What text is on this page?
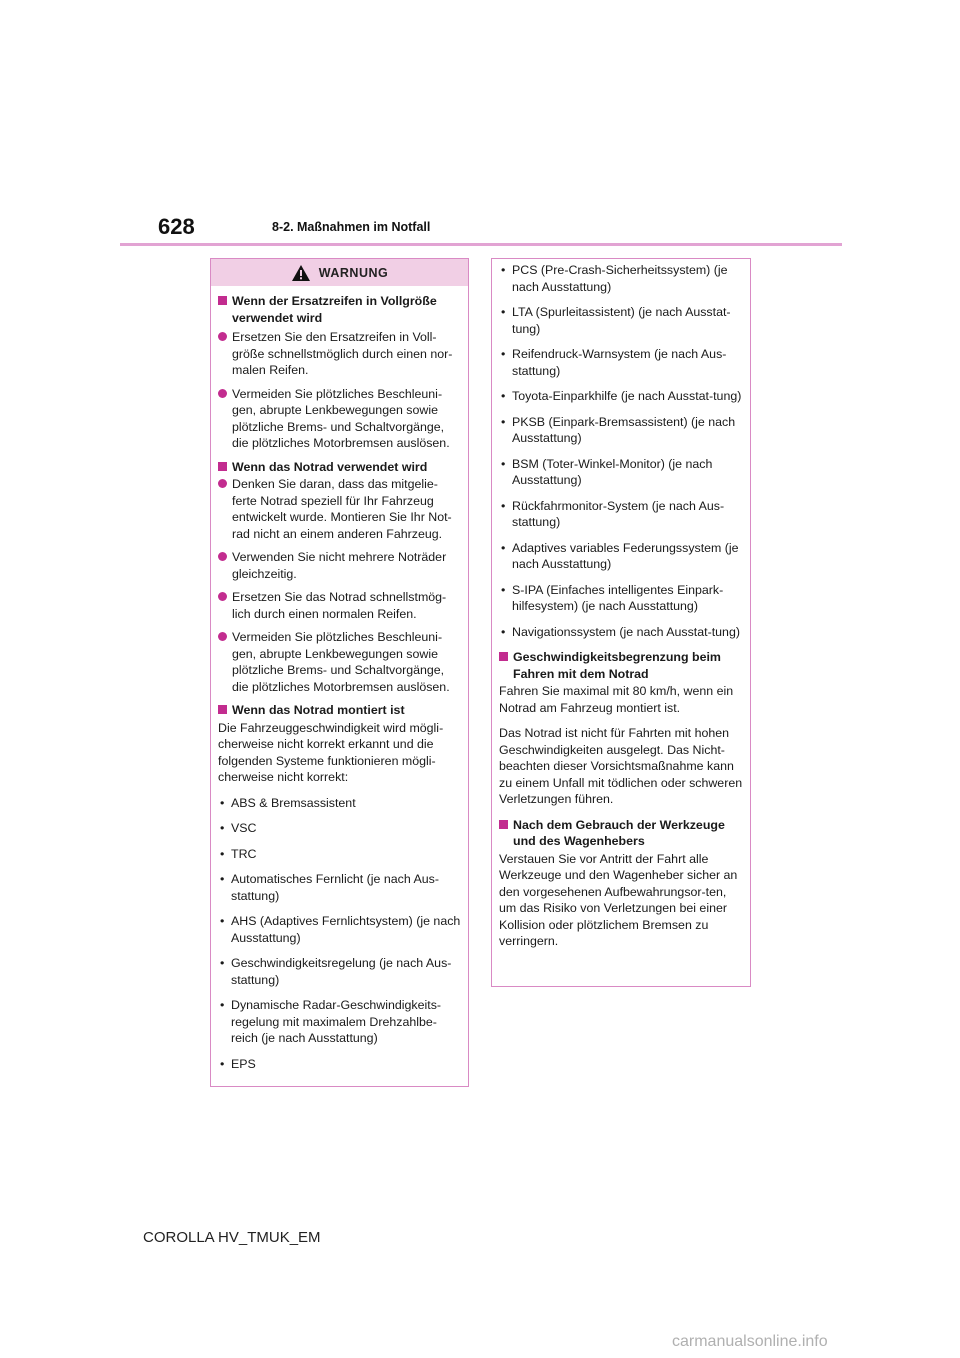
628	8-2. Maßnahmen im Notfall
WARNUNG
Wenn der Ersatzreifen in Vollgröße verwendet wird
Ersetzen Sie den Ersatzreifen in Voll-größe schnellstmöglich durch einen nor-malen Reifen.
Vermeiden Sie plötzliches Beschleuni-gen, abrupte Lenkbewegungen sowie plötzliche Brems- und Schaltvorgänge, die plötzliches Motorbremsen auslösen.
Wenn das Notrad verwendet wird
Denken Sie daran, dass das mitgelie-ferte Notrad speziell für Ihr Fahrzeug entwickelt wurde. Montieren Sie Ihr Not-rad nicht an einem anderen Fahrzeug.
Verwenden Sie nicht mehrere Noträder gleichzeitig.
Ersetzen Sie das Notrad schnellstmög-lich durch einen normalen Reifen.
Vermeiden Sie plötzliches Beschleuni-gen, abrupte Lenkbewegungen sowie plötzliche Brems- und Schaltvorgänge, die plötzliches Motorbremsen auslösen.
Wenn das Notrad montiert ist

Die Fahrzeuggeschwindigkeit wird mögli-cherweise nicht korrekt erkannt und die folgenden Systeme funktionieren mögli-cherweise nicht korrekt:

• ABS & Bremsassistent
• VSC
• TRC
• Automatisches Fernlicht (je nach Aus-stattung)
• AHS (Adaptives Fernlichtsystem) (je nach Ausstattung)
• Geschwindigkeitsregelung (je nach Aus-stattung)
• Dynamische Radar-Geschwindigkeits-regelung mit maximalem Drehzahlbe-reich (je nach Ausstattung)
• EPS
• PCS (Pre-Crash-Sicherheitssystem) (je nach Ausstattung)
• LTA (Spurleitassistent) (je nach Ausstat-tung)
• Reifendruck-Warnsystem (je nach Aus-stattung)
• Toyota-Einparkhilfe (je nach Ausstat-tung)
• PKSB (Einpark-Bremsassistent) (je nach Ausstattung)
• BSM (Toter-Winkel-Monitor) (je nach Ausstattung)
• Rückfahrmonitor-System (je nach Aus-stattung)
• Adaptives variables Federungssystem (je nach Ausstattung)
• S-IPA (Einfaches intelligentes Einpark-hilfesystem) (je nach Ausstattung)
• Navigationssystem (je nach Ausstat-tung)
Geschwindigkeitsbegrenzung beim Fahren mit dem Notrad

Fahren Sie maximal mit 80 km/h, wenn ein Notrad am Fahrzeug montiert ist.

Das Notrad ist nicht für Fahrten mit hohen Geschwindigkeiten ausgelegt. Das Nicht-beachten dieser Vorsichtsmaßnahme kann zu einem Unfall mit tödlichen oder schweren Verletzungen führen.

Nach dem Gebrauch der Werkzeuge und des Wagenhebers

Verstauen Sie vor Antritt der Fahrt alle Werkzeuge und den Wagenheber sicher an den vorgesehenen Aufbewahrungsor-ten, um das Risiko von Verletzungen bei einer Kollision oder plötzlichem Bremsen zu verringern.

COROLLA HV_TMUK_EM
carmanualsonline.info
